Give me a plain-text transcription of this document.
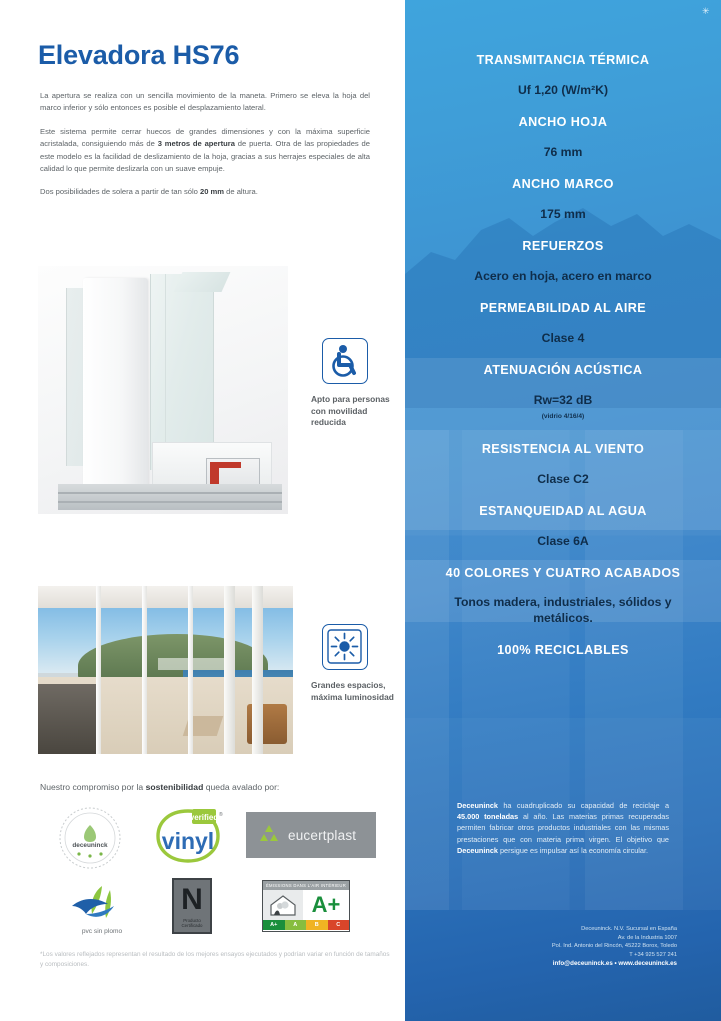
Elevadora HS76

La apertura se realiza con un sencilla movimiento de la maneta. Primero se eleva la hoja del marco inferior y sólo entonces es posible el desplazamiento lateral.

Este sistema permite cerrar huecos de grandes dimensiones y con la máxima superficie acristalada, consiguiendo más de 3 metros de apertura de puerta. Otra de las propiedades de este modelo es la facilidad de deslizamiento de la hoja, gracias a sus herrajes especiales de alta calidad lo que permite deslizarla con un suave empuje.

Dos posibilidades de solera a partir de tan sólo 20 mm de altura.

Apto para personas con movilidad reducida
Grandes espacios, máxima luminosidad
Nuestro compromiso por la sostenibilidad queda avalado por:
deceuninck
verified
vinyl
®
eucertplast
pvc sin plomo
N
Producto Certificado
ÉMISSIONS DANS L'AIR INTÉRIEUR
A+
A+	A	B	C
*Los valores reflejados representan el resultado de los mejores ensayos ejecutados y podrían variar en función de tamaños y composiciones.
✳
TRANSMITANCIA TÉRMICA
Uf 1,20 (W/m²K)
ANCHO HOJA
76 mm
ANCHO MARCO
175 mm
REFUERZOS
Acero en hoja, acero en marco
PERMEABILIDAD AL AIRE
Clase 4
ATENUACIÓN ACÚSTICA
Rw=32 dB
(vidrio 4/16/4)
RESISTENCIA AL VIENTO
Clase C2
ESTANQUEIDAD AL AGUA
Clase 6A
40 COLORES Y CUATRO ACABADOS
Tonos madera, industriales, sólidos y metálicos.
100% RECICLABLES
Deceuninck ha cuadruplicado su capacidad de reciclaje a 45.000 toneladas al año. Las materias primas recuperadas permiten fabricar otros productos industriales con las mismas prestaciones que con materia prima virgen. El objetivo que Deceuninck persigue es impulsar así la economía circular.
Deceuninck. N.V. Sucursal en España
Av. de la Industria 1007
Pol. Ind. Antonio del Rincón, 45222 Borox, Toledo
T +34 925 527 241
info@deceuninck.es • www.deceuninck.es
